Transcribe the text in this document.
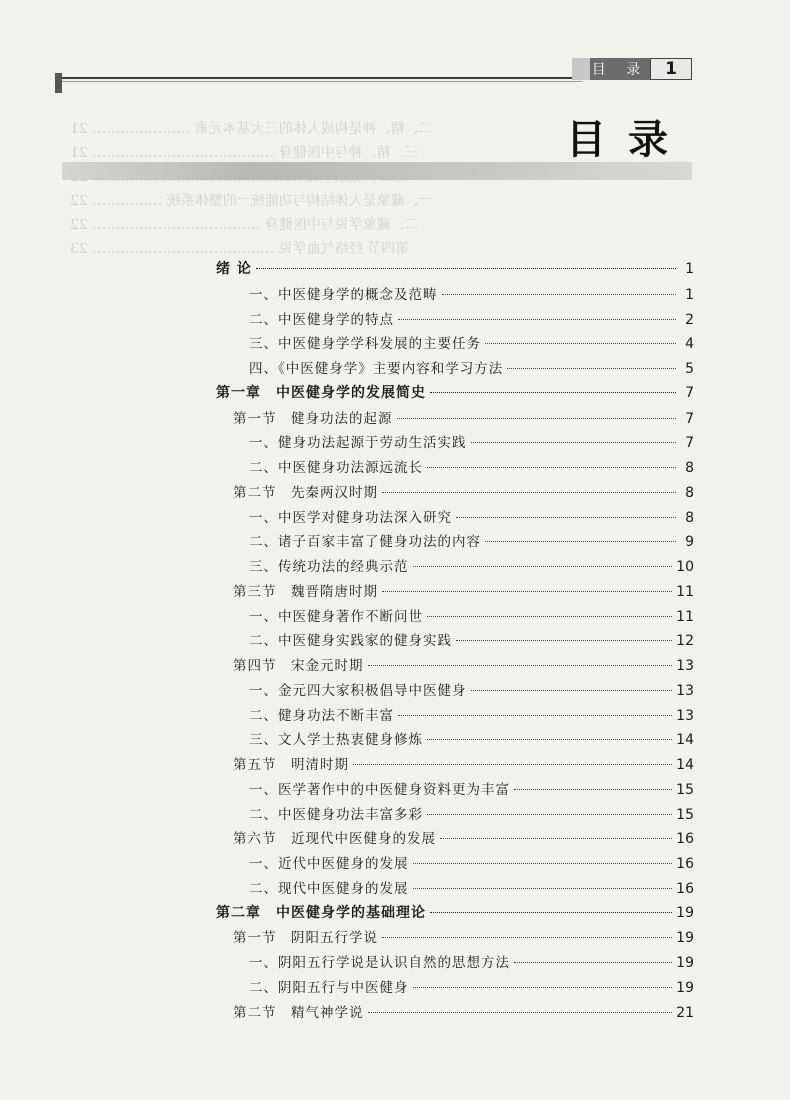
目 录 1
二、精、神是构成人体的三大基本元素 ………………… 21
三、精、神与中医健身 ………………………………… 21
一、藏象是人体结构与功能统一的整体系统 …………… 22
二、藏象学说与中医健身 ……………………………… 22
第四节 经络气血学说 ………………………………… 23
目录
绪 论	1
一、中医健身学的概念及范畴	1
二、中医健身学的特点	2
三、中医健身学学科发展的主要任务	4
四、《中医健身学》主要内容和学习方法	5
第一章　中医健身学的发展简史	7
第一节　健身功法的起源	7
一、健身功法起源于劳动生活实践	7
二、中医健身功法源远流长	8
第二节　先秦两汉时期	8
一、中医学对健身功法深入研究	8
二、诸子百家丰富了健身功法的内容	9
三、传统功法的经典示范	10
第三节　魏晋隋唐时期	11
一、中医健身著作不断问世	11
二、中医健身实践家的健身实践	12
第四节　宋金元时期	13
一、金元四大家积极倡导中医健身	13
二、健身功法不断丰富	13
三、文人学士热衷健身修炼	14
第五节　明清时期	14
一、医学著作中的中医健身资料更为丰富	15
二、中医健身功法丰富多彩	15
第六节　近现代中医健身的发展	16
一、近代中医健身的发展	16
二、现代中医健身的发展	16
第二章　中医健身学的基础理论	19
第一节　阴阳五行学说	19
一、阴阳五行学说是认识自然的思想方法	19
二、阴阳五行与中医健身	19
第二节　精气神学说	21
